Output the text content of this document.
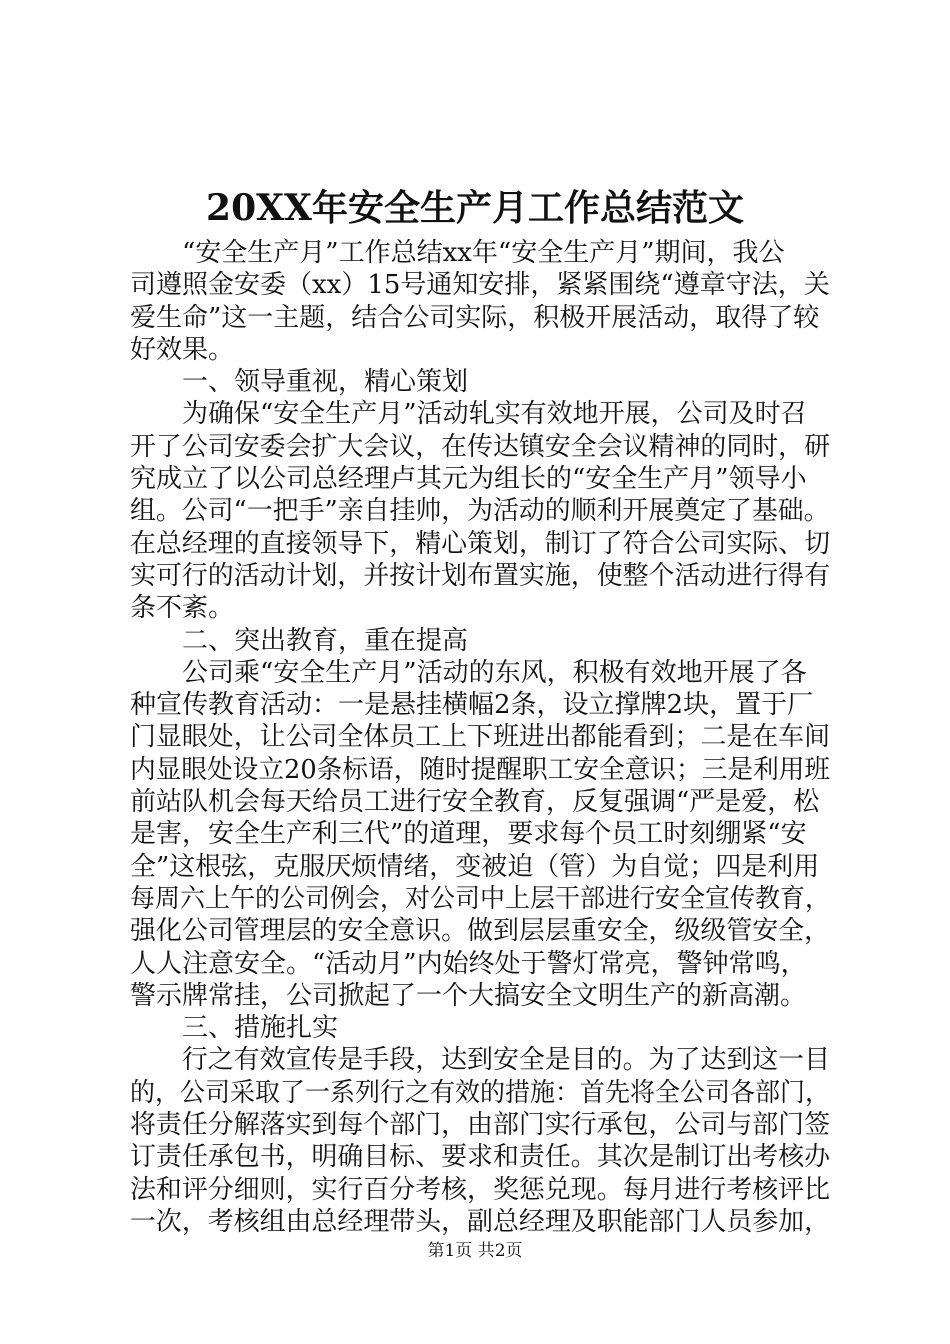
20XX年安全生产月工作总结范文
　　“安全生产月”工作总结xx年“安全生产月”期间，我公
司遵照金安委（xx）15号通知安排，紧紧围绕“遵章守法，关
爱生命”这一主题，结合公司实际，积极开展活动，取得了较
好效果。
　　一、领导重视，精心策划
　　为确保“安全生产月”活动轧实有效地开展，公司及时召
开了公司安委会扩大会议，在传达镇安全会议精神的同时，研
究成立了以公司总经理卢其元为组长的“安全生产月”领导小
组。公司“一把手”亲自挂帅，为活动的顺利开展奠定了基础。
在总经理的直接领导下，精心策划，制订了符合公司实际、切
实可行的活动计划，并按计划布置实施，使整个活动进行得有
条不紊。
　　二、突出教育，重在提高
　　公司乘“安全生产月”活动的东风，积极有效地开展了各
种宣传教育活动：一是悬挂横幅2条，设立撑牌2块，置于厂
门显眼处，让公司全体员工上下班进出都能看到；二是在车间
内显眼处设立20条标语，随时提醒职工安全意识；三是利用班
前站队机会每天给员工进行安全教育，反复强调“严是爱，松
是害，安全生产利三代”的道理，要求每个员工时刻绷紧“安
全”这根弦，克服厌烦情绪，变被迫（管）为自觉；四是利用
每周六上午的公司例会，对公司中上层干部进行安全宣传教育，
强化公司管理层的安全意识。做到层层重安全，级级管安全，
人人注意安全。“活动月”内始终处于警灯常亮，警钟常鸣，
警示牌常挂，公司掀起了一个大搞安全文明生产的新高潮。
　　三、措施扎实
　　行之有效宣传是手段，达到安全是目的。为了达到这一目
的，公司采取了一系列行之有效的措施：首先将全公司各部门，
将责任分解落实到每个部门，由部门实行承包，公司与部门签
订责任承包书，明确目标、要求和责任。其次是制订出考核办
法和评分细则，实行百分考核，奖惩兑现。每月进行考核评比
一次，考核组由总经理带头，副总经理及职能部门人员参加，
第1页 共2页
